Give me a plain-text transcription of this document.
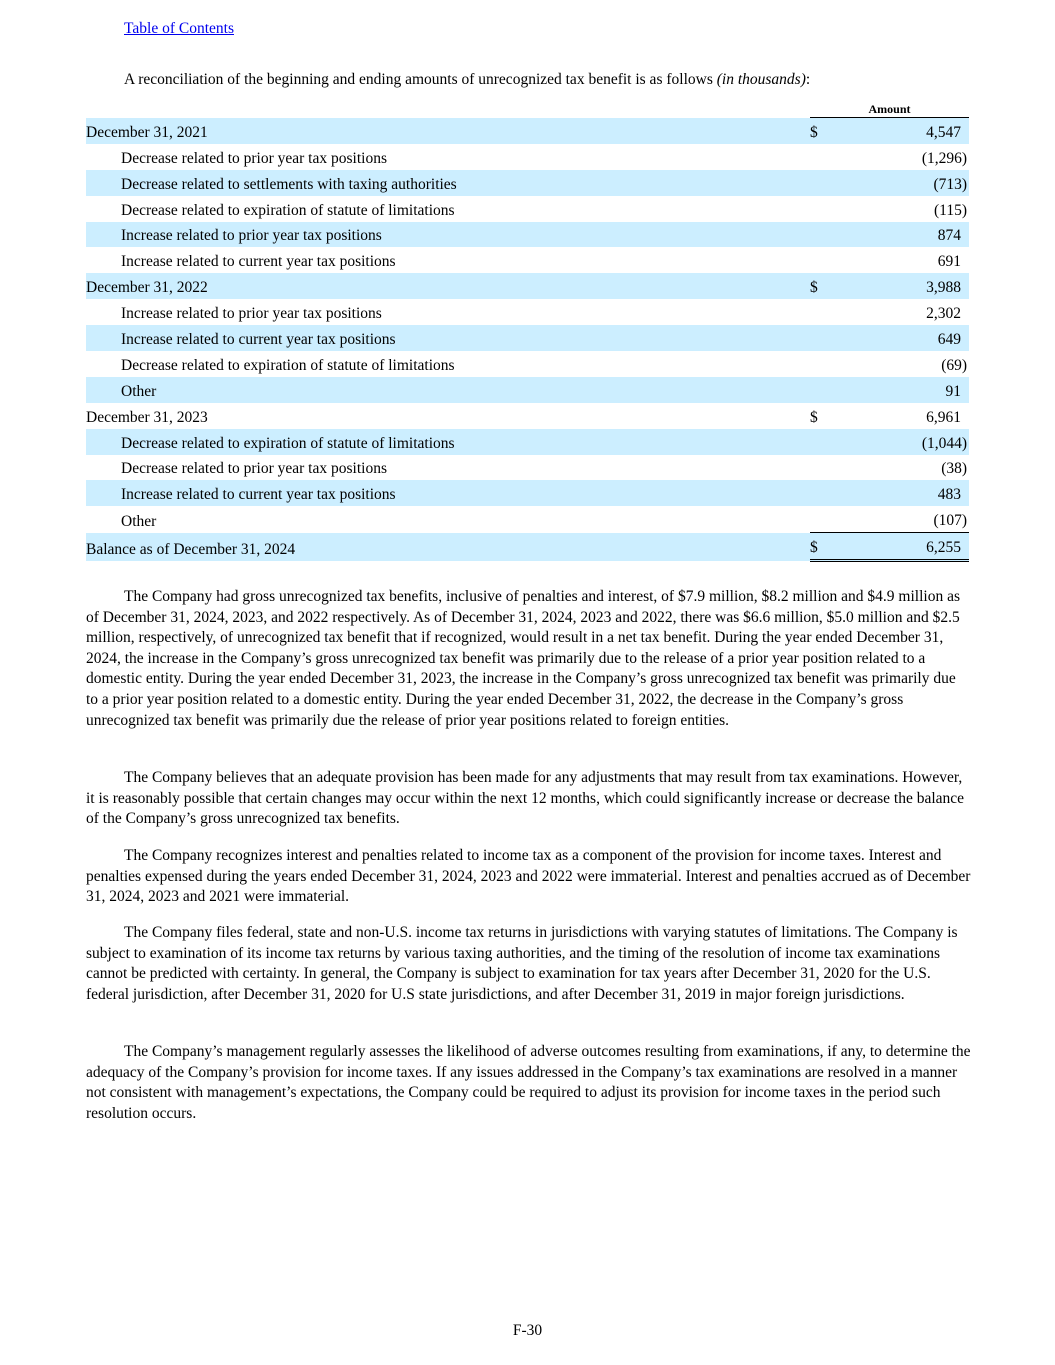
Table of Contents
A reconciliation of the beginning and ending amounts of unrecognized tax benefit is as follows (in thousands):
	Amount	
December 31, 2021	$	4,547
Decrease related to prior year tax positions		(1,296)
Decrease related to settlements with taxing authorities		(713)
Decrease related to expiration of statute of limitations		(115)
Increase related to prior year tax positions		874
Increase related to current year tax positions		691
December 31, 2022	$	3,988
Increase related to prior year tax positions		2,302
Increase related to current year tax positions		649
Decrease related to expiration of statute of limitations		(69)
Other		91
December 31, 2023	$	6,961
Decrease related to expiration of statute of limitations		(1,044)
Decrease related to prior year tax positions		(38)
Increase related to current year tax positions		483
Other		(107)
Balance as of December 31, 2024	$	6,255

The Company had gross unrecognized tax benefits, inclusive of penalties and interest, of $7.9 million, $8.2 million and $4.9 million as of December 31, 2024, 2023, and 2022 respectively. As of December 31, 2024, 2023 and 2022, there was $6.6 million, $5.0 million and $2.5 million, respectively, of unrecognized tax benefit that if recognized, would result in a net tax benefit. During the year ended December 31, 2024, the increase in the Company’s gross unrecognized tax benefit was primarily due to the release of a prior year position related to a domestic entity. During the year ended December 31, 2023, the increase in the Company’s gross unrecognized tax benefit was primarily due to a prior year position related to a domestic entity. During the year ended December 31, 2022, the decrease in the Company’s gross unrecognized tax benefit was primarily due the release of prior year positions related to foreign entities.

The Company believes that an adequate provision has been made for any adjustments that may result from tax examinations. However, it is reasonably possible that certain changes may occur within the next 12 months, which could significantly increase or decrease the balance of the Company’s gross unrecognized tax benefits.

The Company recognizes interest and penalties related to income tax as a component of the provision for income taxes. Interest and penalties expensed during the years ended December 31, 2024, 2023 and 2022 were immaterial. Interest and penalties accrued as of December 31, 2024, 2023 and 2021 were immaterial.

The Company files federal, state and non-U.S. income tax returns in jurisdictions with varying statutes of limitations. The Company is subject to examination of its income tax returns by various taxing authorities, and the timing of the resolution of income tax examinations cannot be predicted with certainty. In general, the Company is subject to examination for tax years after December 31, 2020 for the U.S. federal jurisdiction, after December 31, 2020 for U.S state jurisdictions, and after December 31, 2019 in major foreign jurisdictions.

The Company’s management regularly assesses the likelihood of adverse outcomes resulting from examinations, if any, to determine the adequacy of the Company’s provision for income taxes. If any issues addressed in the Company’s tax examinations are resolved in a manner not consistent with management’s expectations, the Company could be required to adjust its provision for income taxes in the period such resolution occurs.

F-30
